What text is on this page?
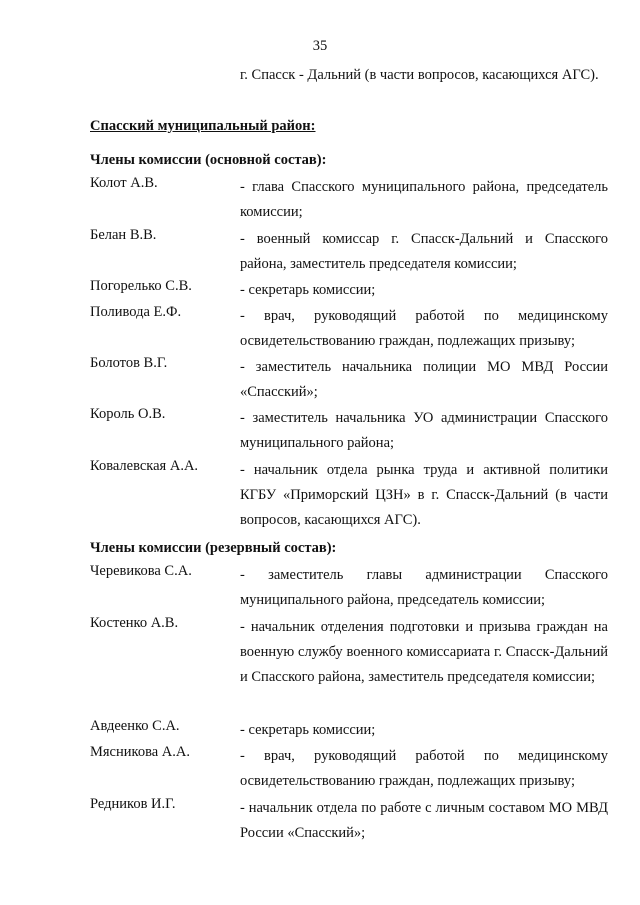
35
г. Спасск - Дальний (в части вопросов, касающихся АГС).
Спасский муниципальный район:
Члены комиссии (основной состав):
Колот А.В.	- глава Спасского муниципального района, председатель комиссии;
Белан В.В.	- военный комиссар г. Спасск-Дальний и Спасского района, заместитель председателя комиссии;
Погорелько С.В.	- секретарь комиссии;
Поливода Е.Ф.	- врач, руководящий работой по медицинскому освидетельствованию граждан, подлежащих призыву;
Болотов В.Г.	- заместитель начальника полиции МО МВД России «Спасский»;
Король О.В.	- заместитель начальника УО администрации Спасского муниципального района;
Ковалевская А.А.	- начальник отдела рынка труда и активной политики КГБУ «Приморский ЦЗН» в г. Спасск-Дальний (в части вопросов, касающихся АГС).
Члены комиссии (резервный состав):
Черевикова С.А.	- заместитель главы администрации Спасского муниципального района, председатель комиссии;
Костенко А.В.	- начальник отделения подготовки и призыва граждан на военную службу военного комиссариата г. Спасск-Дальний и Спасского района, заместитель председателя комиссии;
Авдеенко С.А.	- секретарь комиссии;
Мясникова А.А.	- врач, руководящий работой по медицинскому освидетельствованию граждан, подлежащих призыву;
Редников И.Г.	- начальник отдела по работе с личным составом МО МВД России «Спасский»;
